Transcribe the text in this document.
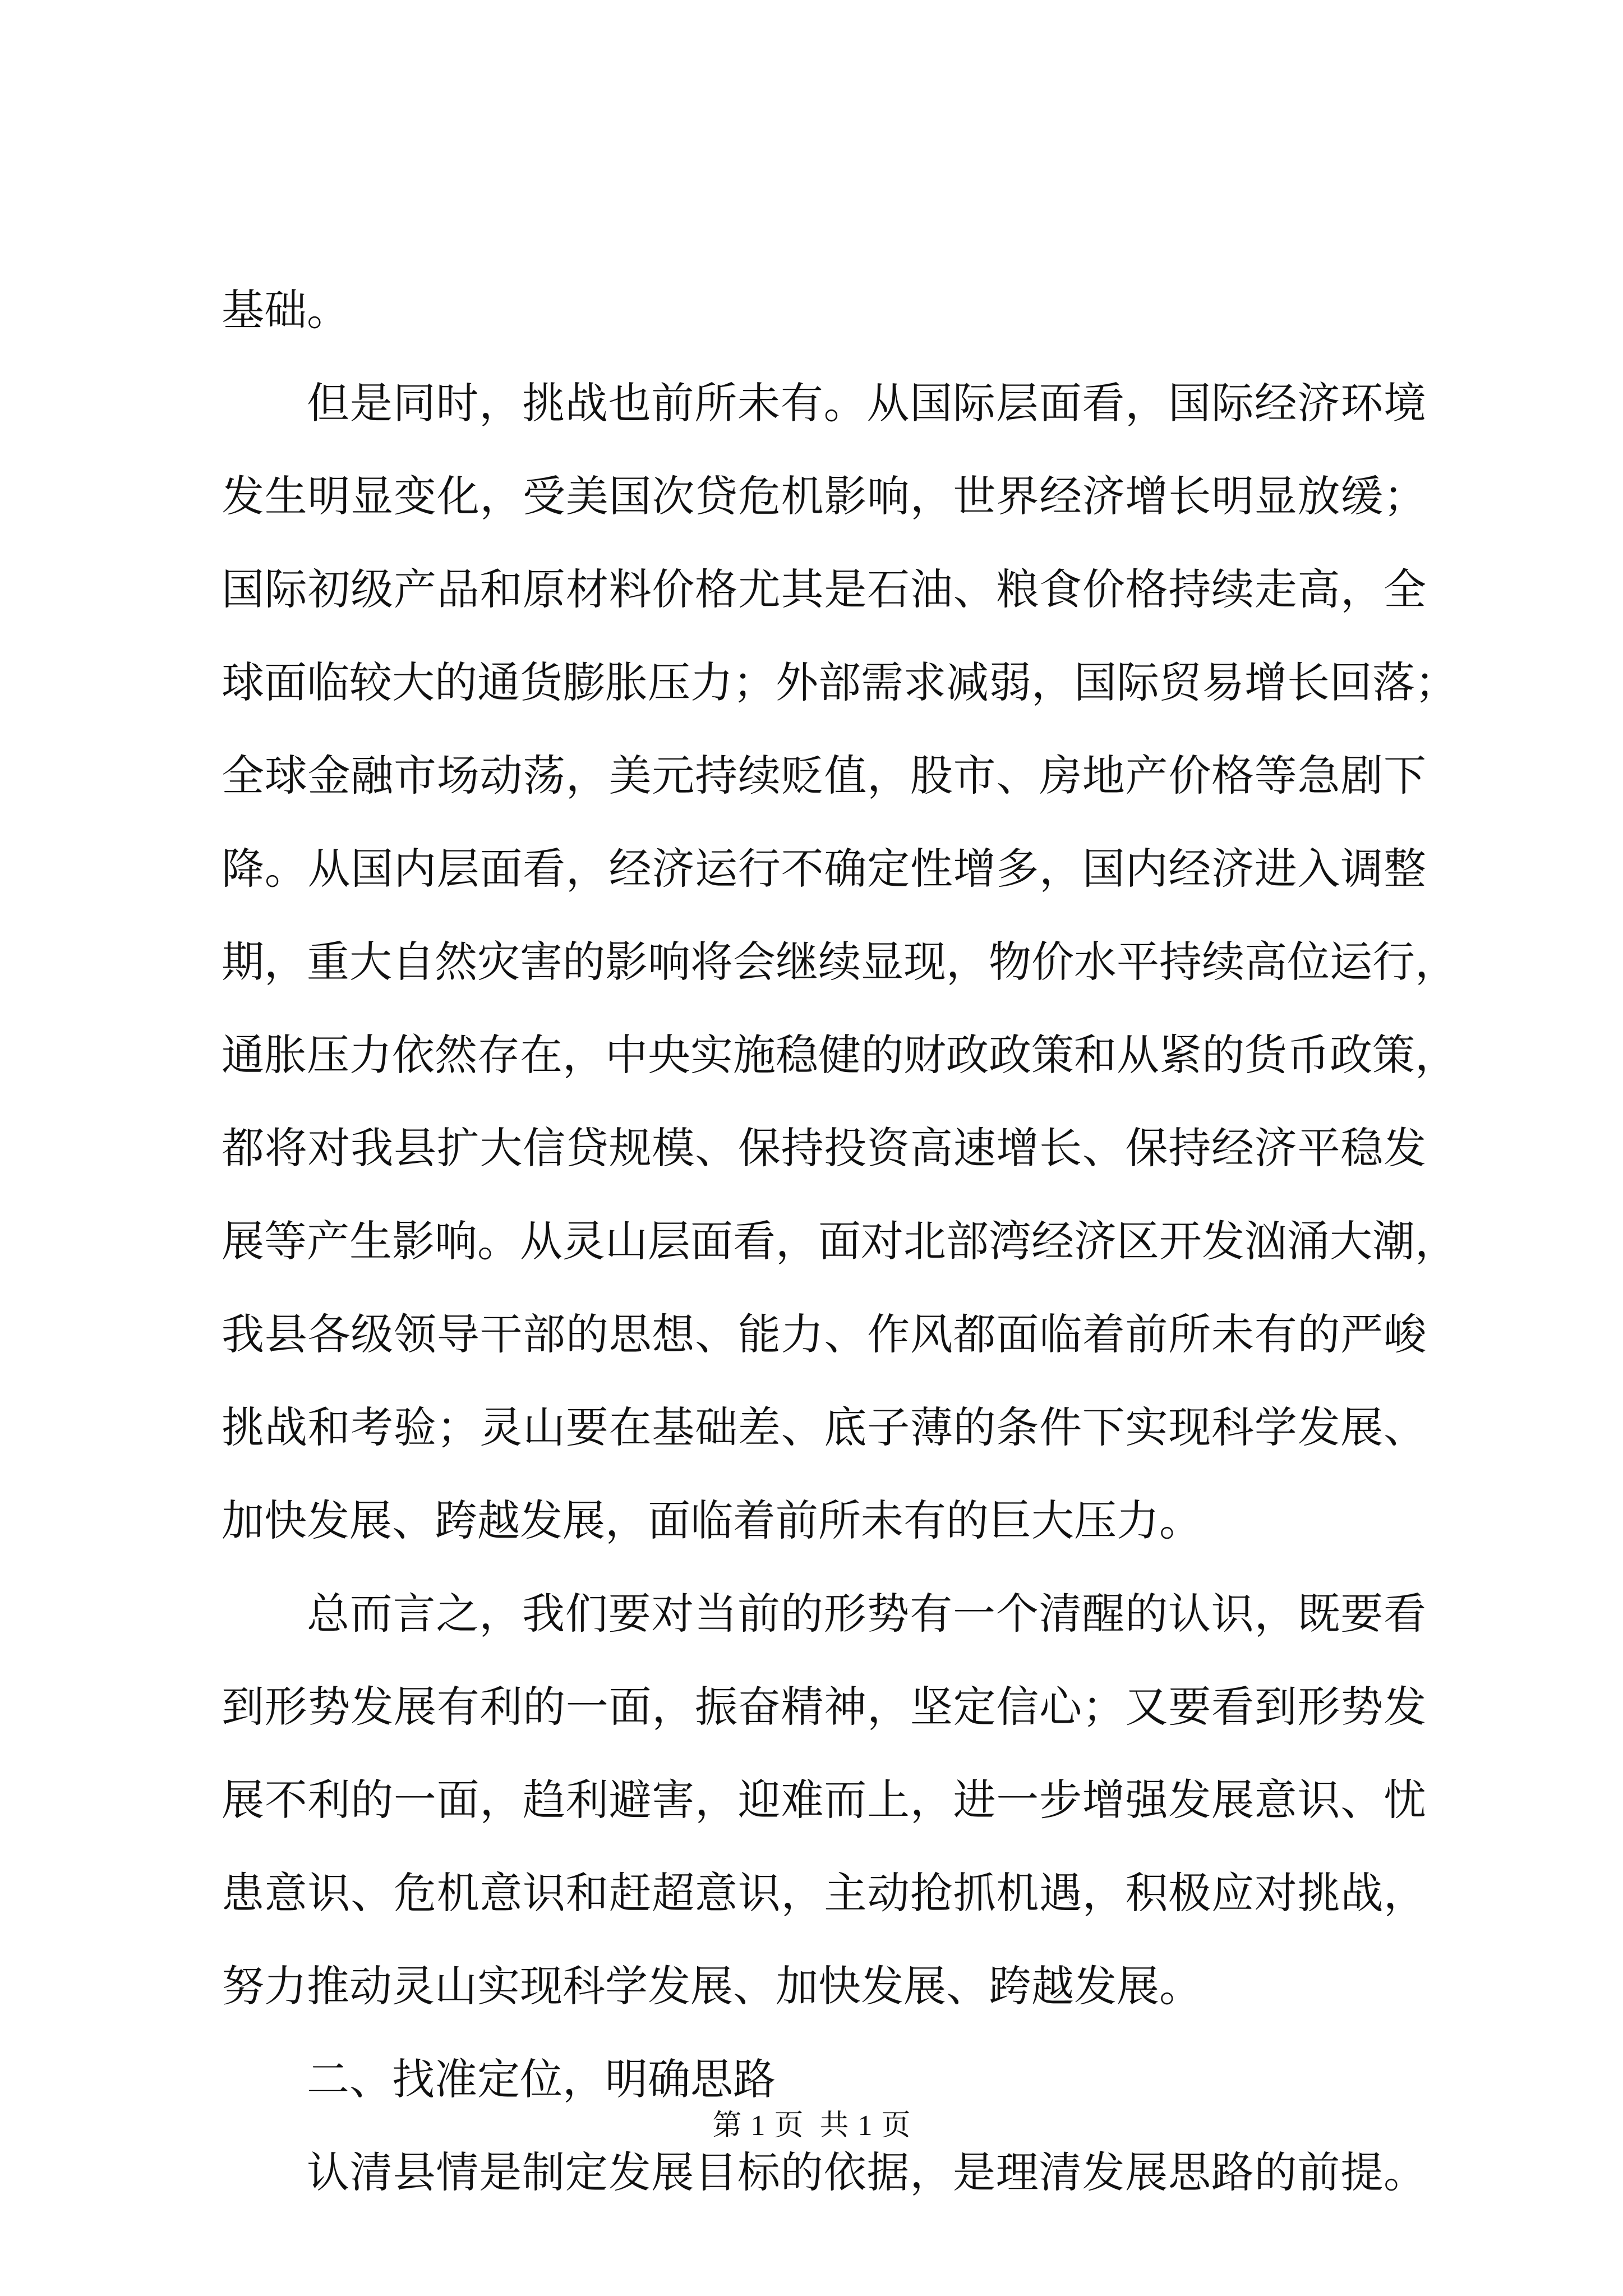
基础。
但是同时，挑战也前所未有。从国际层面看，国际经济环境
发生明显变化，受美国次贷危机影响，世界经济增长明显放缓；
国际初级产品和原材料价格尤其是石油、粮食价格持续走高，全
球面临较大的通货膨胀压力；外部需求减弱，国际贸易增长回落；
全球金融市场动荡，美元持续贬值，股市、房地产价格等急剧下
降。从国内层面看，经济运行不确定性增多，国内经济进入调整
期，重大自然灾害的影响将会继续显现，物价水平持续高位运行，
通胀压力依然存在，中央实施稳健的财政政策和从紧的货币政策，
都将对我县扩大信贷规模、保持投资高速增长、保持经济平稳发
展等产生影响。从灵山层面看，面对北部湾经济区开发汹涌大潮，
我县各级领导干部的思想、能力、作风都面临着前所未有的严峻
挑战和考验；灵山要在基础差、底子薄的条件下实现科学发展、
加快发展、跨越发展，面临着前所未有的巨大压力。
总而言之，我们要对当前的形势有一个清醒的认识，既要看
到形势发展有利的一面，振奋精神，坚定信心；又要看到形势发
展不利的一面，趋利避害，迎难而上，进一步增强发展意识、忧
患意识、危机意识和赶超意识，主动抢抓机遇，积极应对挑战，
努力推动灵山实现科学发展、加快发展、跨越发展。
二、找准定位，明确思路
认清县情是制定发展目标的依据，是理清发展思路的前提。
第 1 页 共 1 页
